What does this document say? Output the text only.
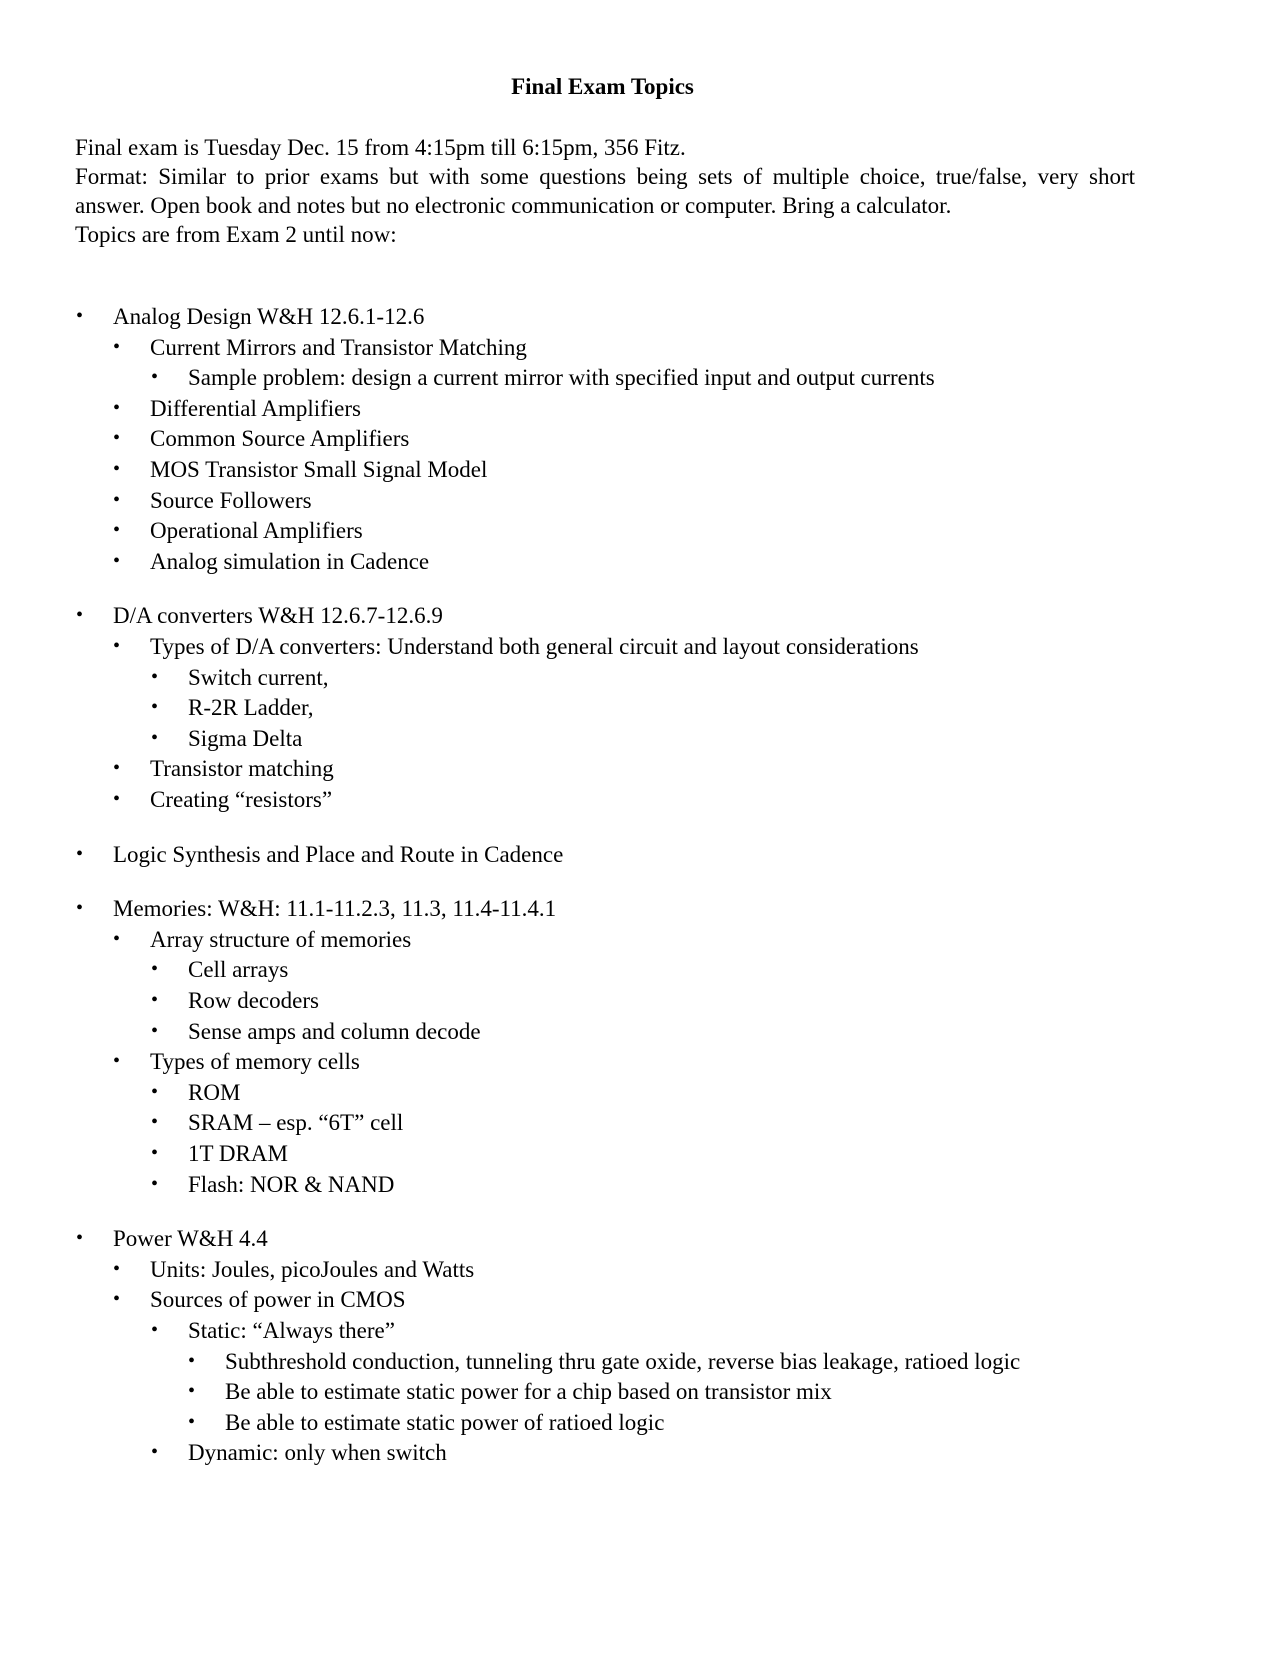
Final Exam Topics

Final exam is Tuesday Dec. 15 from 4:15pm till 6:15pm, 356 Fitz.

Format: Similar to prior exams but with some questions being sets of multiple choice, true/false, very short answer. Open book and notes but no electronic communication or computer. Bring a calculator.

Topics are from Exam 2 until now:

• Analog Design W&H 12.6.1-12.6
• Current Mirrors and Transistor Matching
• Sample problem: design a current mirror with specified input and output currents
• Differential Amplifiers
• Common Source Amplifiers
• MOS Transistor Small Signal Model
• Source Followers
• Operational Amplifiers
• Analog simulation in Cadence
• D/A converters W&H 12.6.7-12.6.9
• Types of D/A converters: Understand both general circuit and layout considerations
• Switch current,
• R-2R Ladder,
• Sigma Delta
• Transistor matching
• Creating “resistors”
• Logic Synthesis and Place and Route in Cadence
• Memories: W&H: 11.1-11.2.3, 11.3, 11.4-11.4.1
• Array structure of memories
• Cell arrays
• Row decoders
• Sense amps and column decode
• Types of memory cells
• ROM
• SRAM – esp. “6T” cell
• 1T DRAM
• Flash: NOR & NAND
• Power W&H 4.4
• Units: Joules, picoJoules and Watts
• Sources of power in CMOS
• Static: “Always there”
• Subthreshold conduction, tunneling thru gate oxide, reverse bias leakage, ratioed logic
• Be able to estimate static power for a chip based on transistor mix
• Be able to estimate static power of ratioed logic
• Dynamic: only when switch
